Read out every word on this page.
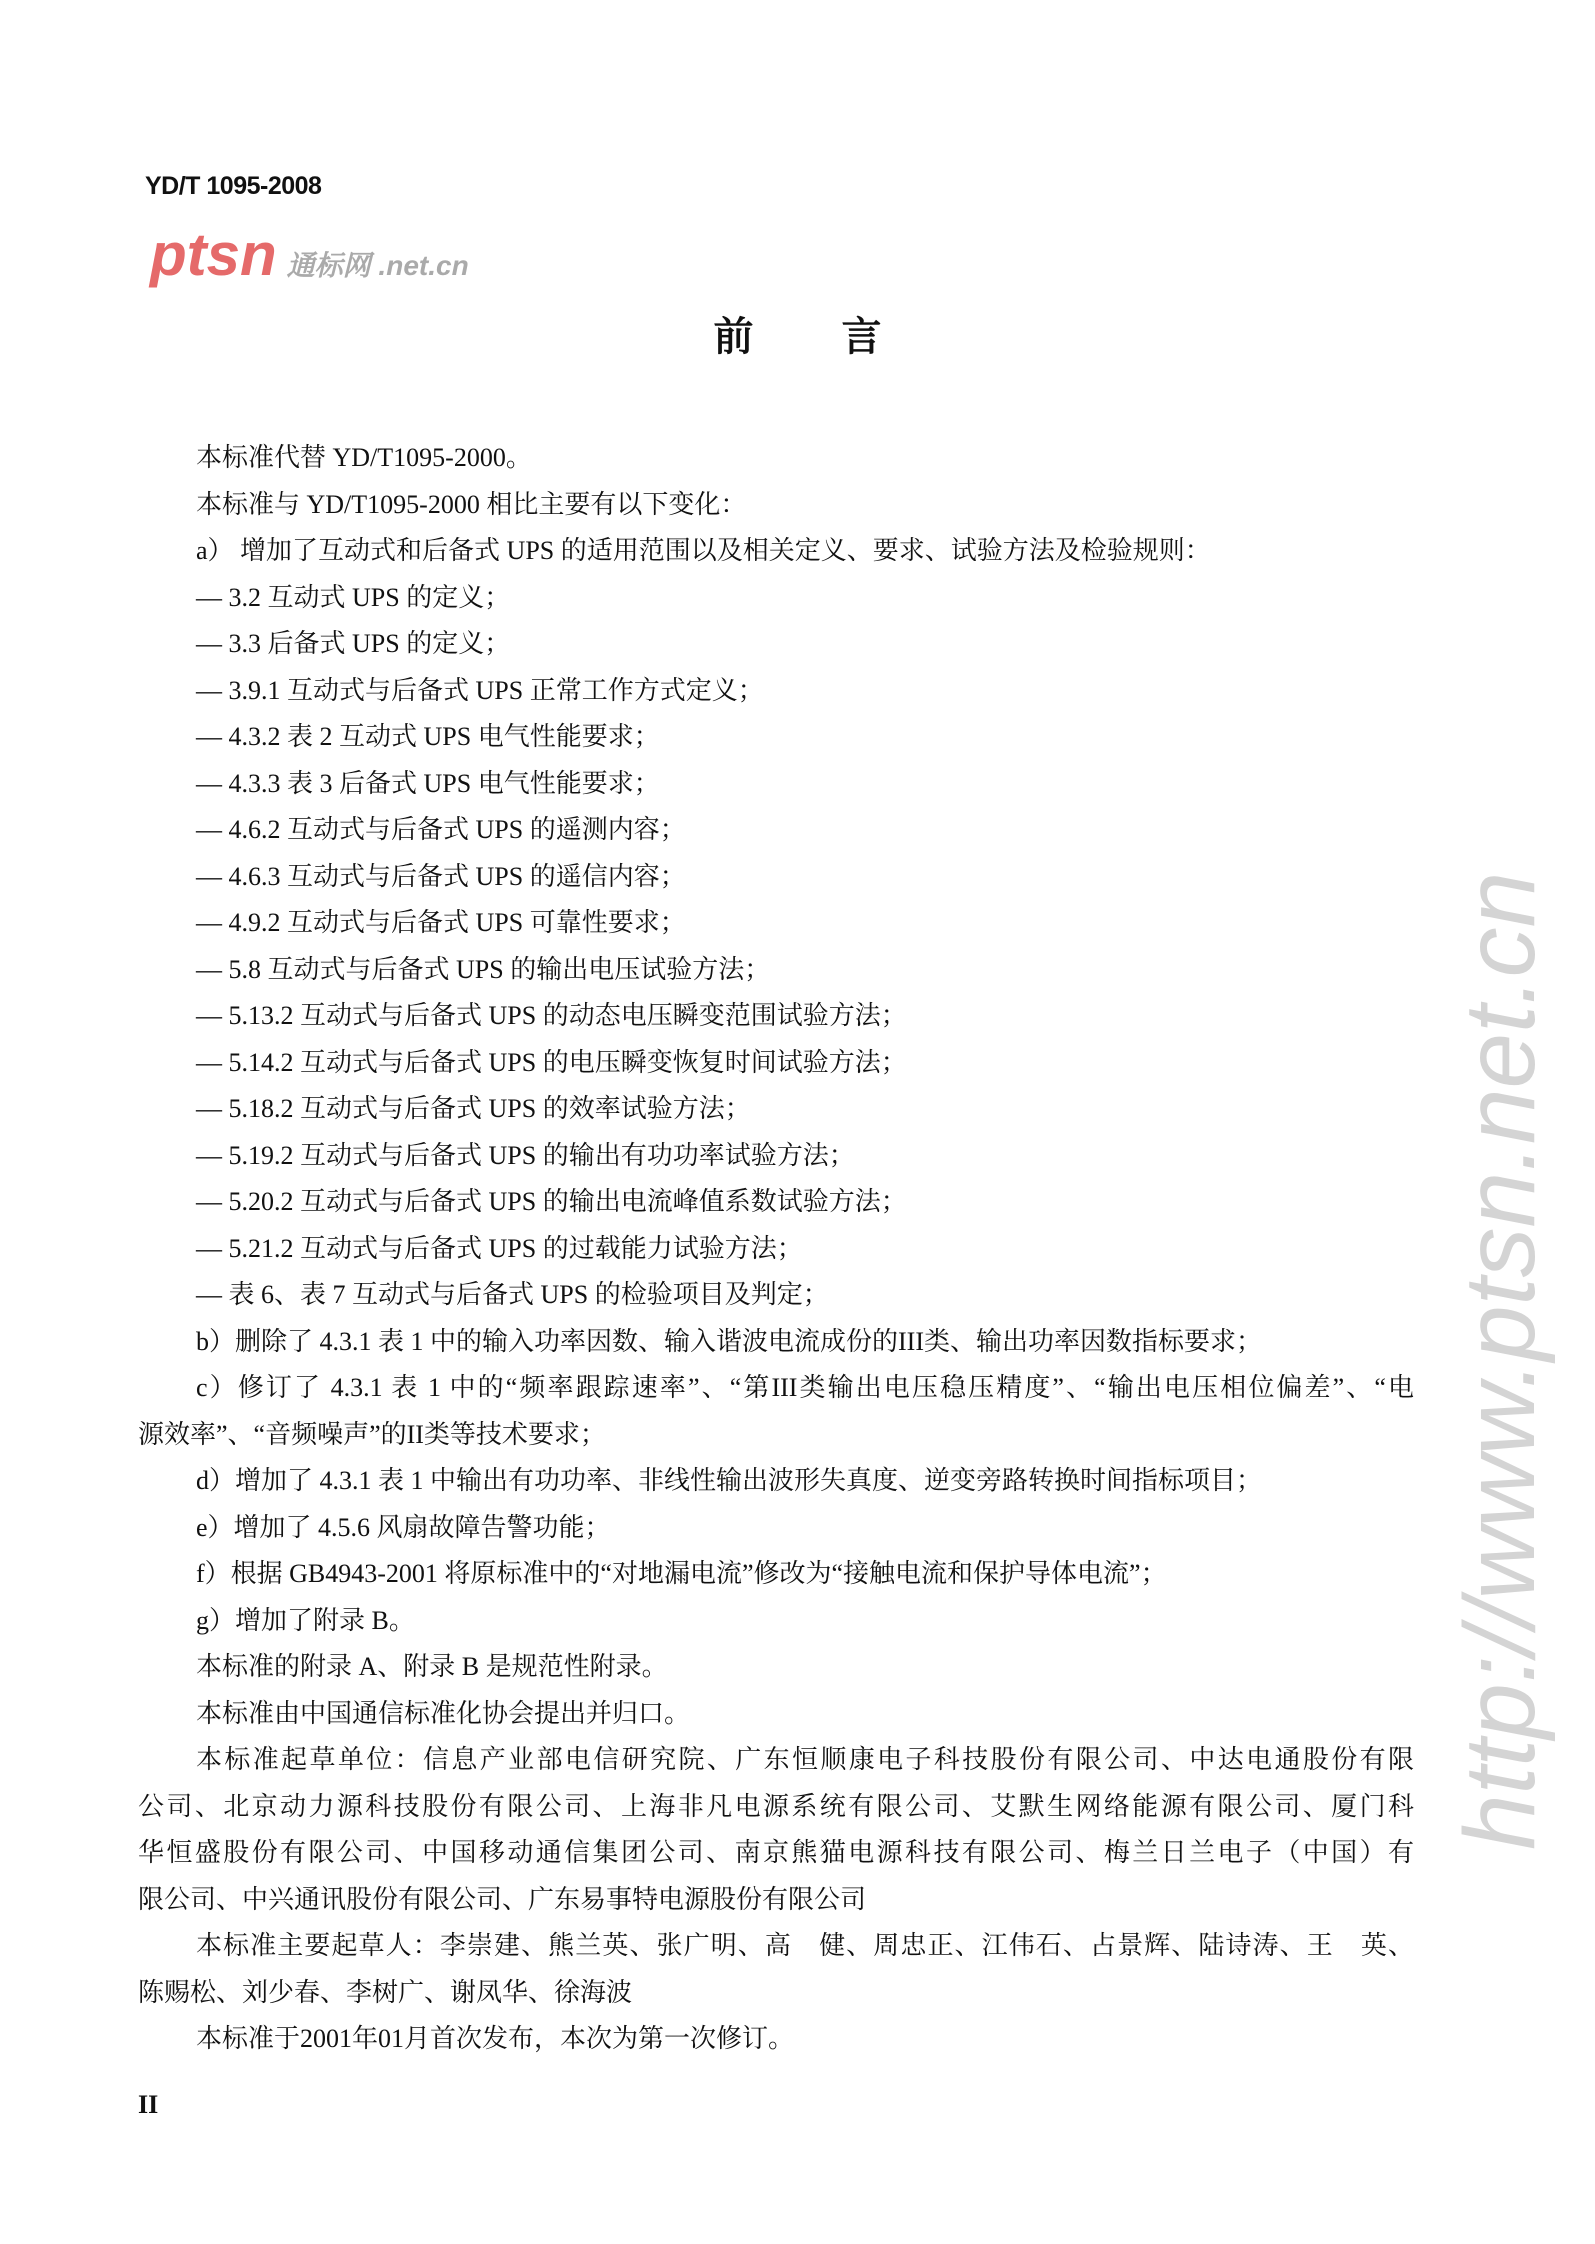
ptsn 通标网 .net.cn
http://www.ptsn.net.cn
YD/T 1095-2008
前 言
本标准代替 YD/T1095-2000。
本标准与 YD/T1095-2000 相比主要有以下变化：
a） 增加了互动式和后备式 UPS 的适用范围以及相关定义、要求、试验方法及检验规则：
— 3.2 互动式 UPS 的定义；
— 3.3 后备式 UPS 的定义；
— 3.9.1 互动式与后备式 UPS 正常工作方式定义；
— 4.3.2 表 2 互动式 UPS 电气性能要求；
— 4.3.3 表 3 后备式 UPS 电气性能要求；
— 4.6.2 互动式与后备式 UPS 的遥测内容；
— 4.6.3 互动式与后备式 UPS 的遥信内容；
— 4.9.2 互动式与后备式 UPS 可靠性要求；
— 5.8 互动式与后备式 UPS 的输出电压试验方法；
— 5.13.2 互动式与后备式 UPS 的动态电压瞬变范围试验方法；
— 5.14.2 互动式与后备式 UPS 的电压瞬变恢复时间试验方法；
— 5.18.2 互动式与后备式 UPS 的效率试验方法；
— 5.19.2 互动式与后备式 UPS 的输出有功功率试验方法；
— 5.20.2 互动式与后备式 UPS 的输出电流峰值系数试验方法；
— 5.21.2 互动式与后备式 UPS 的过载能力试验方法；
— 表 6、表 7 互动式与后备式 UPS 的检验项目及判定；
b）删除了 4.3.1 表 1 中的输入功率因数、输入谐波电流成份的III类、输出功率因数指标要求；
c）修订了 4.3.1 表 1 中的“频率跟踪速率”、“第III类输出电压稳压精度”、“输出电压相位偏差”、“电
源效率”、“音频噪声”的II类等技术要求；
d）增加了 4.3.1 表 1 中输出有功功率、非线性输出波形失真度、逆变旁路转换时间指标项目；
e）增加了 4.5.6 风扇故障告警功能；
f）根据 GB4943-2001 将原标准中的“对地漏电流”修改为“接触电流和保护导体电流”；
g）增加了附录 B。
本标准的附录 A、附录 B 是规范性附录。
本标准由中国通信标准化协会提出并归口。
本标准起草单位：信息产业部电信研究院、广东恒顺康电子科技股份有限公司、中达电通股份有限
公司、北京动力源科技股份有限公司、上海非凡电源系统有限公司、艾默生网络能源有限公司、厦门科
华恒盛股份有限公司、中国移动通信集团公司、南京熊猫电源科技有限公司、梅兰日兰电子（中国）有
限公司、中兴通讯股份有限公司、广东易事特电源股份有限公司
本标准主要起草人：李崇建、熊兰英、张广明、高　健、周忠正、江伟石、占景辉、陆诗涛、王　英、
陈赐松、刘少春、李树广、谢凤华、徐海波
本标准于2001年01月首次发布，本次为第一次修订。
II
